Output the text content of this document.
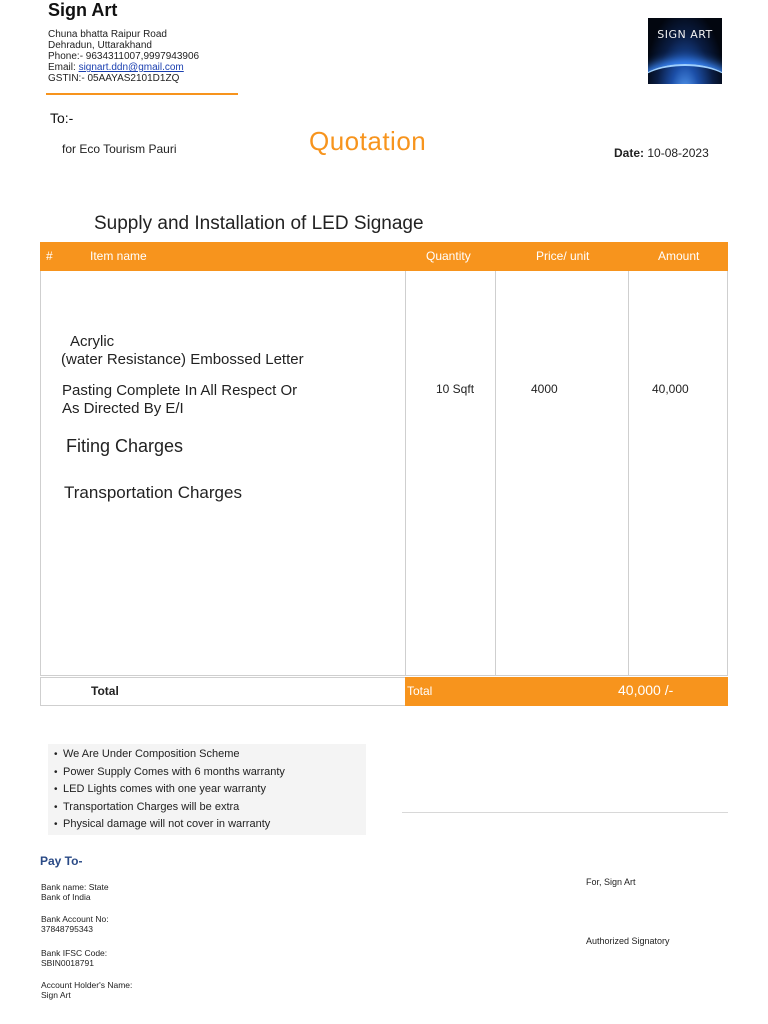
Sign Art
Chuna bhatta Raipur Road
Dehradun, Uttarakhand
Phone:- 9634311007,9997943906
Email: signart.ddn@gmail.com
GSTIN:- 05AAYAS2101D1ZQ
SIGN ART
To:-
for Eco Tourism Pauri	Quotation	Date: 10-08-2023
Supply and Installation of LED Signage
#	Item name	Quantity	Price/ unit	Amount
Acrylic
(water Resistance) Embossed Letter
Pasting Complete In All Respect Or
As Directed By E/I
Fiting Charges
Transportation Charges
10 Sqft	4000	40,000
Total	Total	40,000 /-
• We Are Under Composition Scheme
• Power Supply Comes with 6 months warranty
• LED Lights comes with one year warranty
• Transportation Charges will be extra
• Physical damage will not cover in warranty
Pay To-
Bank name: State
Bank of India
Bank Account No:
37848795343
Bank IFSC Code:
SBIN0018791
Account Holder's Name:
Sign Art
For, Sign Art
Authorized Signatory
